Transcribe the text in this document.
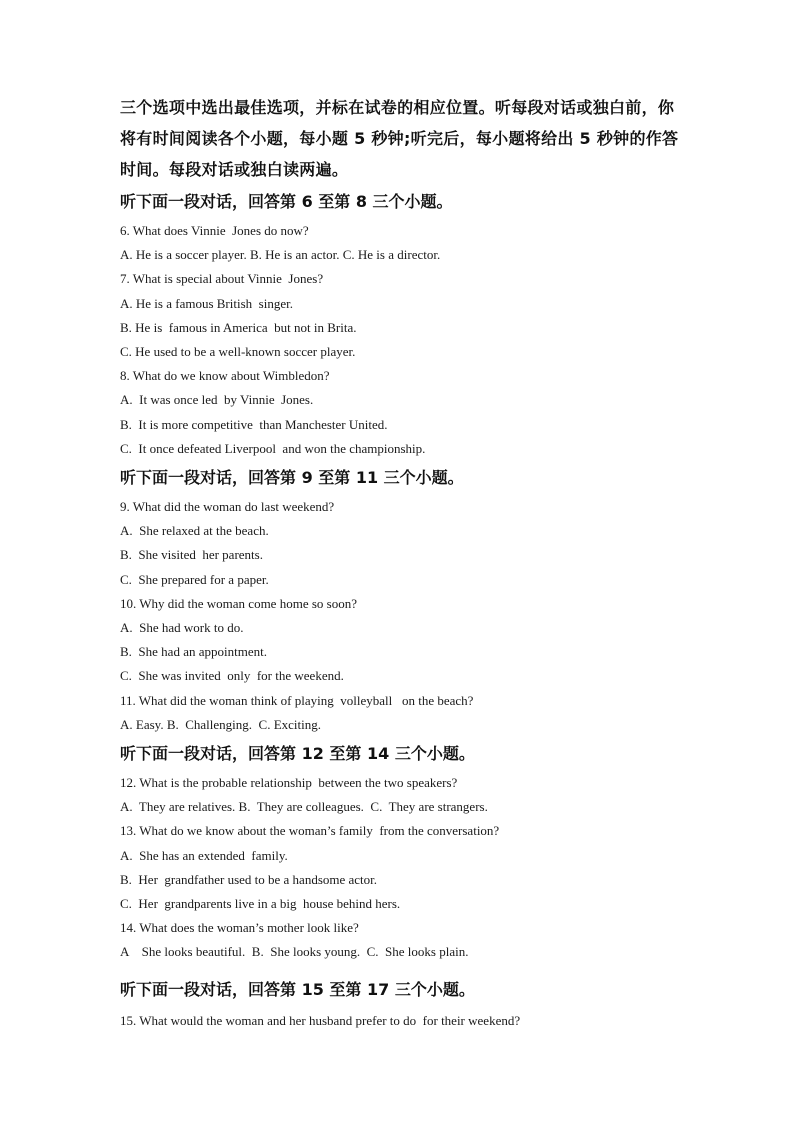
三个选项中选出最佳选项，并标在试卷的相应位置。听每段对话或独白前，你将有时间阅读各个小题，每小题 5 秒钟;听完后，每小题将给出 5 秒钟的作答时间。每段对话或独白读两遍。

听下面一段对话，回答第 6 至第 8 三个小题。

6. What does Vinnie  Jones do now?

A. He is a soccer player. B. He is an actor. C. He is a director.

7. What is special about Vinnie  Jones?

A. He is a famous British  singer.

B. He is  famous in America  but not in Brita.

C. He used to be a well-known soccer player.

8. What do we know about Wimbledon?

A.  It was once led  by Vinnie  Jones.

B.  It is more competitive  than Manchester United.

C.  It once defeated Liverpool  and won the championship.

听下面一段对话，回答第 9 至第 11 三个小题。

9. What did the woman do last weekend?

A.  She relaxed at the beach.

B.  She visited  her parents.

C.  She prepared for a paper.

10. Why did the woman come home so soon?

A.  She had work to do.

B.  She had an appointment.

C.  She was invited  only  for the weekend.

11. What did the woman think of playing  volleyball   on the beach?

A. Easy. B.  Challenging.  C. Exciting.

听下面一段对话，回答第 12 至第 14 三个小题。

12. What is the probable relationship  between the two speakers?

A.  They are relatives. B.  They are colleagues.  C.  They are strangers.

13. What do we know about the woman’s family  from the conversation?

A.  She has an extended  family.

B.  Her  grandfather used to be a handsome actor.

C.  Her  grandparents live in a big  house behind hers.

14. What does the woman’s mother look like?

A    She looks beautiful.  B.  She looks young.  C.  She looks plain.

听下面一段对话，回答第 15 至第 17 三个小题。

15. What would the woman and her husband prefer to do  for their weekend?
